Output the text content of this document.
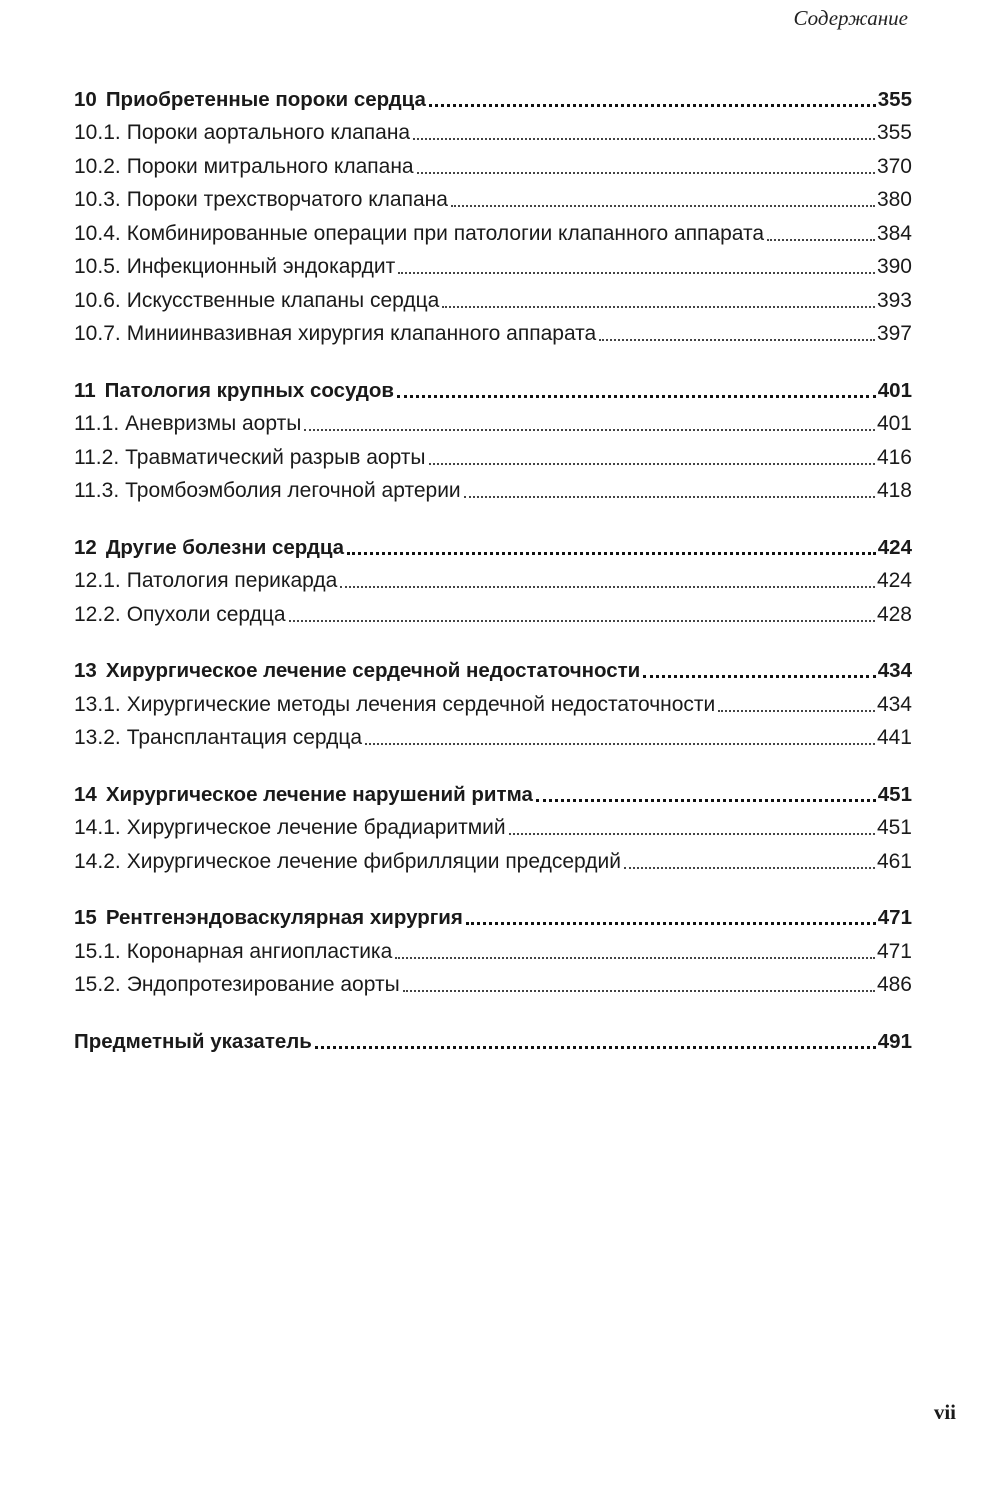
Содержание
10 Приобретенные пороки сердца	355
10.1. Пороки аортального клапана	355
10.2. Пороки митрального клапана	370
10.3. Пороки трехстворчатого клапана	380
10.4. Комбинированные операции при патологии клапанного аппарата	384
10.5. Инфекционный эндокардит	390
10.6. Искусственные клапаны сердца	393
10.7. Миниинвазивная хирургия клапанного аппарата	397
11 Патология крупных сосудов	401
11.1. Аневризмы аорты	401
11.2. Травматический разрыв аорты	416
11.3. Тромбоэмболия легочной артерии	418
12 Другие болезни сердца	424
12.1. Патология перикарда	424
12.2. Опухоли сердца	428
13 Хирургическое лечение сердечной недостаточности	434
13.1. Хирургические методы лечения сердечной недостаточности	434
13.2. Трансплантация сердца	441
14 Хирургическое лечение нарушений ритма	451
14.1. Хирургическое лечение брадиаритмий	451
14.2. Хирургическое лечение фибрилляции предсердий	461
15 Рентгенэндоваскулярная хирургия	471
15.1. Коронарная ангиопластика	471
15.2. Эндопротезирование аорты	486
Предметный указатель	491
vii
